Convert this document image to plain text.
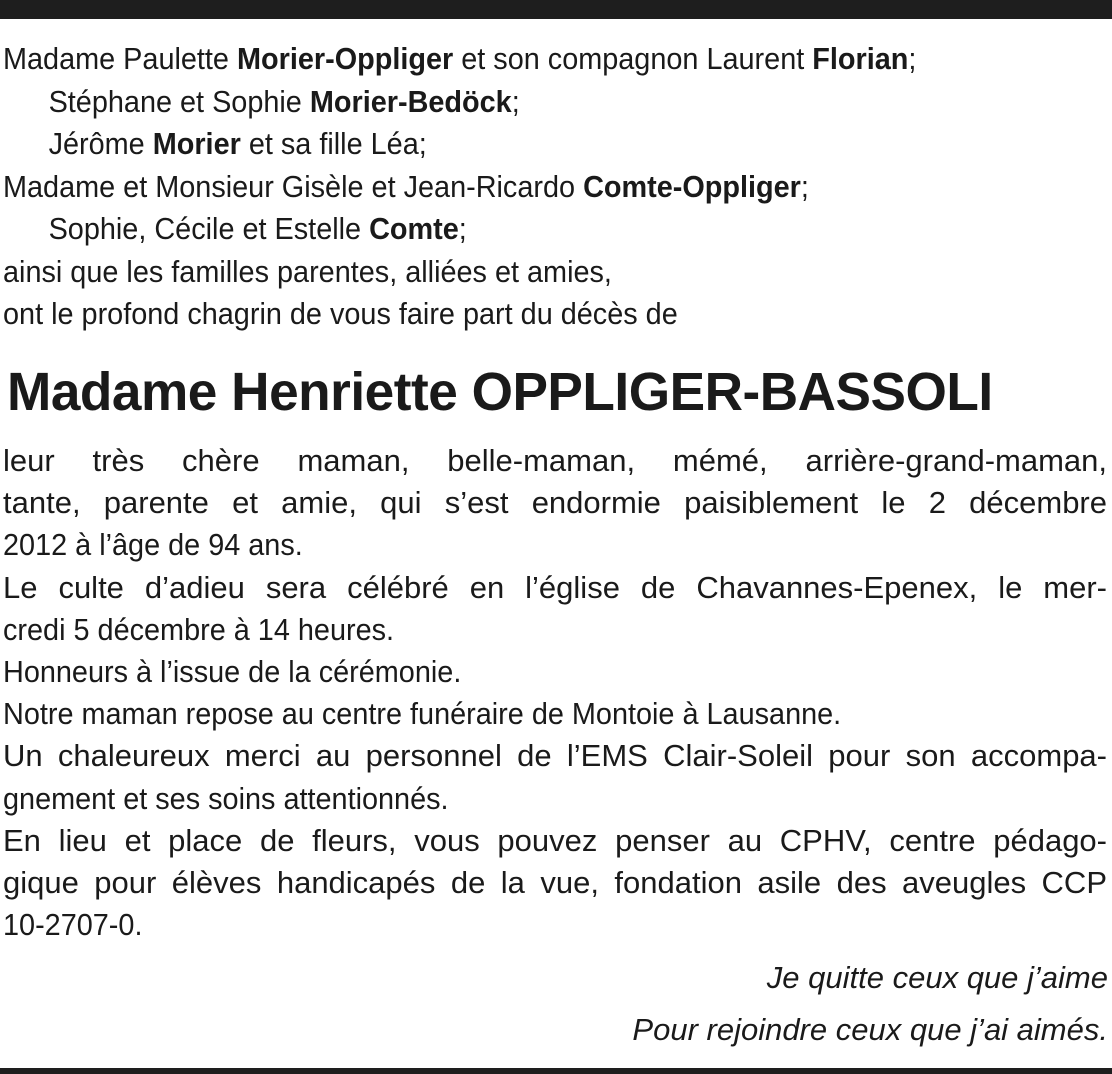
Madame Paulette Morier-Oppliger et son compagnon Laurent Florian;
Stéphane et Sophie Morier-Bedöck;
Jérôme Morier et sa fille Léa;
Madame et Monsieur Gisèle et Jean-Ricardo Comte-Oppliger;
Sophie, Cécile et Estelle Comte;
ainsi que les familles parentes, alliées et amies,
ont le profond chagrin de vous faire part du décès de
Madame Henriette OPPLIGER-BASSOLI
leur très chère maman, belle-maman, mémé, arrière-grand-maman,
tante, parente et amie, qui s’est endormie paisiblement le 2 décembre
2012 à l’âge de 94 ans.
Le culte d’adieu sera célébré en l’église de Chavannes-Epenex, le mer-
credi 5 décembre à 14 heures.
Honneurs à l’issue de la cérémonie.
Notre maman repose au centre funéraire de Montoie à Lausanne.
Un chaleureux merci au personnel de l’EMS Clair-Soleil pour son accompa-
gnement et ses soins attentionnés.
En lieu et place de fleurs, vous pouvez penser au CPHV, centre pédago-
gique pour élèves handicapés de la vue, fondation asile des aveugles CCP
10-2707-0.
Je quitte ceux que j’aime
Pour rejoindre ceux que j’ai aimés.
